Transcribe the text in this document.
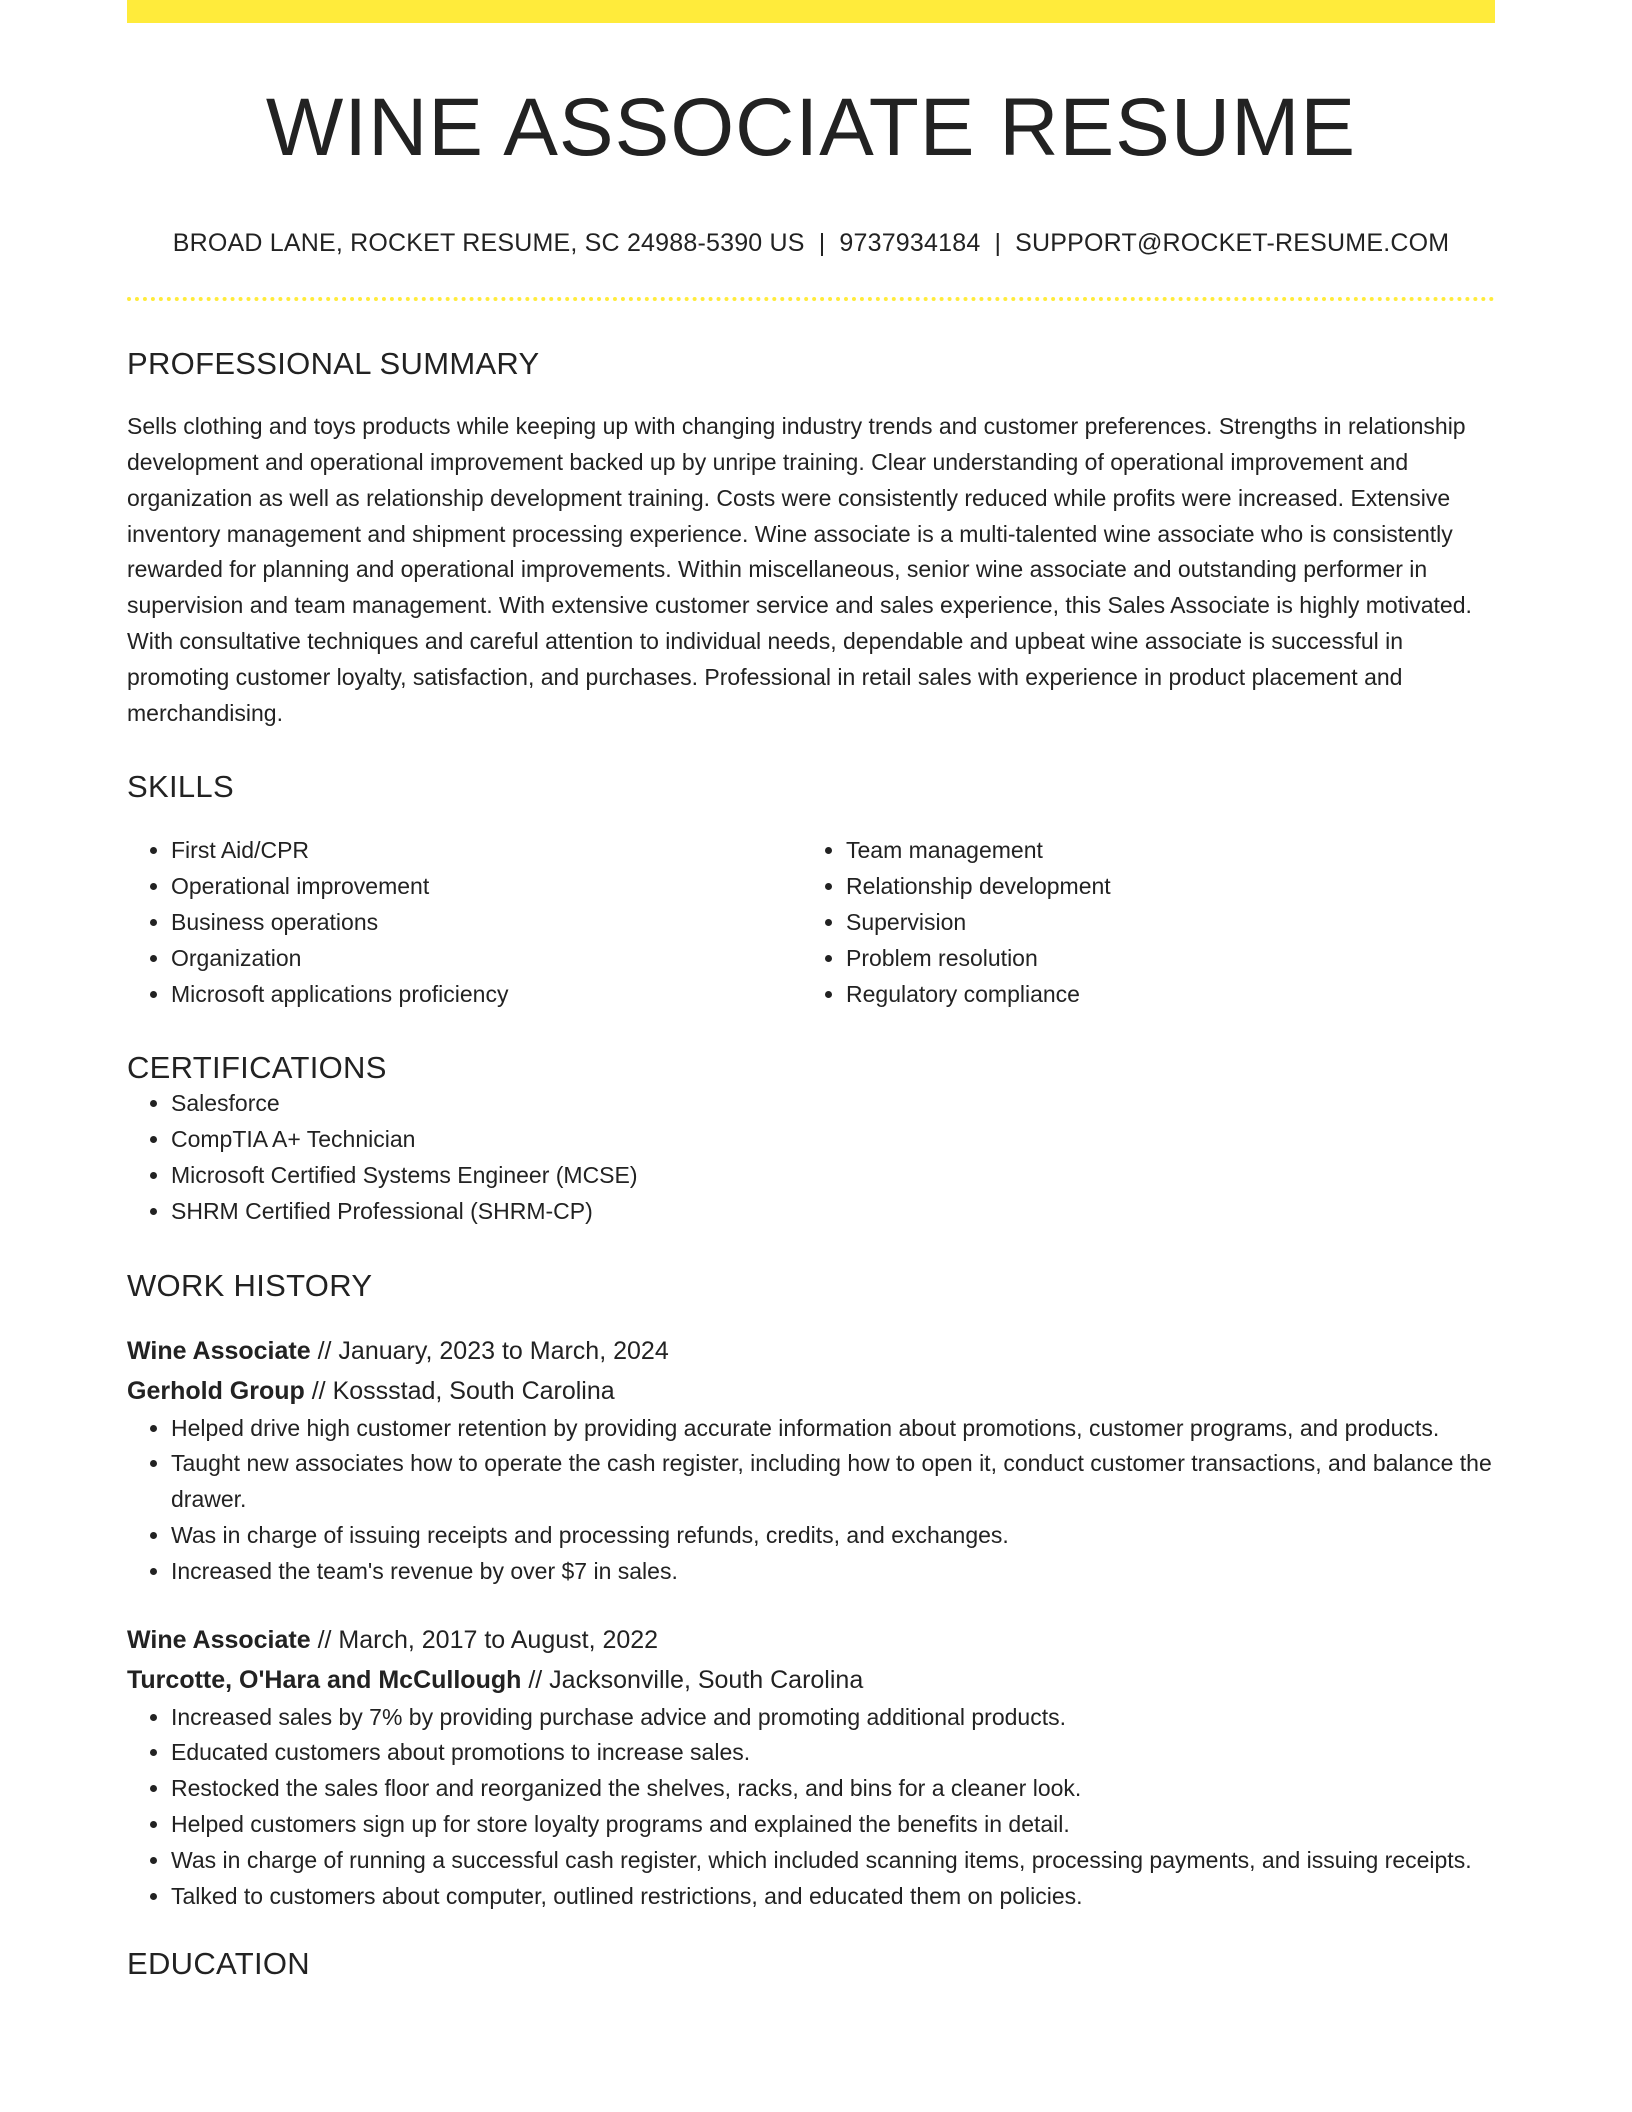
WINE ASSOCIATE RESUME
BROAD LANE, ROCKET RESUME, SC 24988-5390 US | 9737934184 | SUPPORT@ROCKET-RESUME.COM
PROFESSIONAL SUMMARY

Sells clothing and toys products while keeping up with changing industry trends and customer preferences. Strengths in relationship development and operational improvement backed up by unripe training. Clear understanding of operational improvement and organization as well as relationship development training. Costs were consistently reduced while profits were increased. Extensive inventory management and shipment processing experience. Wine associate is a multi-talented wine associate who is consistently rewarded for planning and operational improvements. Within miscellaneous, senior wine associate and outstanding performer in supervision and team management. With extensive customer service and sales experience, this Sales Associate is highly motivated. With consultative techniques and careful attention to individual needs, dependable and upbeat wine associate is successful in promoting customer loyalty, satisfaction, and purchases. Professional in retail sales with experience in product placement and merchandising.

SKILLS
• First Aid/CPR
• Operational improvement
• Business operations
• Organization
• Microsoft applications proficiency
• Team management
• Relationship development
• Supervision
• Problem resolution
• Regulatory compliance
CERTIFICATIONS
• Salesforce
• CompTIA A+ Technician
• Microsoft Certified Systems Engineer (MCSE)
• SHRM Certified Professional (SHRM-CP)
WORK HISTORY
Wine Associate // January, 2023 to March, 2024
Gerhold Group // Kossstad, South Carolina
• Helped drive high customer retention by providing accurate information about promotions, customer programs, and products.
• Taught new associates how to operate the cash register, including how to open it, conduct customer transactions, and balance the drawer.
• Was in charge of issuing receipts and processing refunds, credits, and exchanges.
• Increased the team's revenue by over $7 in sales.
Wine Associate // March, 2017 to August, 2022
Turcotte, O'Hara and McCullough // Jacksonville, South Carolina
• Increased sales by 7% by providing purchase advice and promoting additional products.
• Educated customers about promotions to increase sales.
• Restocked the sales floor and reorganized the shelves, racks, and bins for a cleaner look.
• Helped customers sign up for store loyalty programs and explained the benefits in detail.
• Was in charge of running a successful cash register, which included scanning items, processing payments, and issuing receipts.
• Talked to customers about computer, outlined restrictions, and educated them on policies.
EDUCATION
